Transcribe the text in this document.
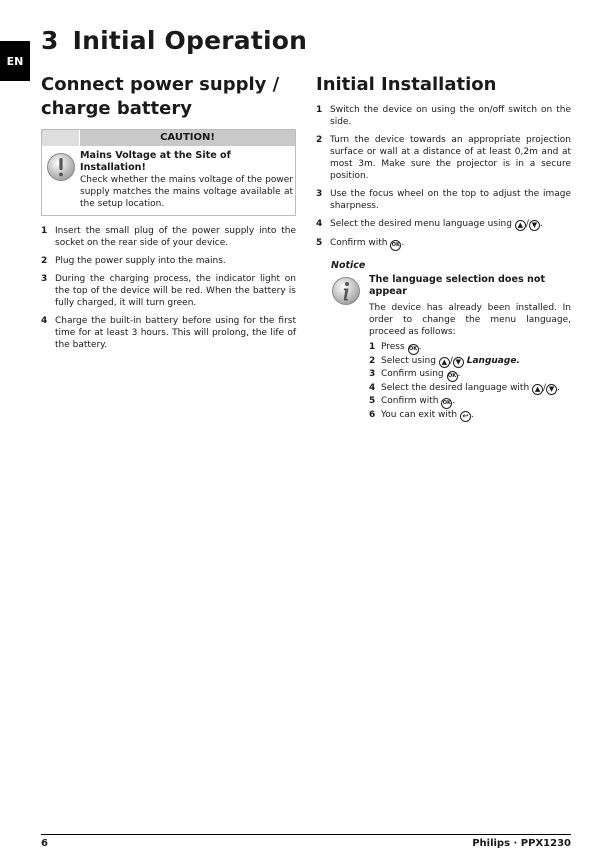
EN
3 Initial Operation
Connect power supply / charge battery
CAUTION!
Mains Voltage at the Site of Installation!
Check whether the mains voltage of the power supply matches the mains voltage available at the setup location.
1 Insert the small plug of the power supply into the socket on the rear side of your device.
2 Plug the power supply into the mains.
3 During the charging process, the indicator light on the top of the device will be red. When the battery is fully charged, it will turn green.
4 Charge the built-in battery before using for the first time for at least 3 hours. This will prolong, the life of the battery.
Initial Installation
1 Switch the device on using the on/off switch on the side.
2 Turn the device towards an appropriate projection surface or wall at a distance of at least 0,2m and at most 3m. Make sure the projector is in a secure position.
3 Use the focus wheel on the top to adjust the image sharpness.
4 Select the desired menu language using ▲ / ▼ .
5 Confirm with OK.
Notice
The language selection does not appear
The device has already been installed. In order to change the menu language, proceed as follows:
1 Press OK.
2 Select using ▲ / ▼ Language.
3 Confirm using OK.
4 Select the desired language with ▲ / ▼ .
5 Confirm with OK.
6 You can exit with ↩ .
6	Philips · PPX1230
